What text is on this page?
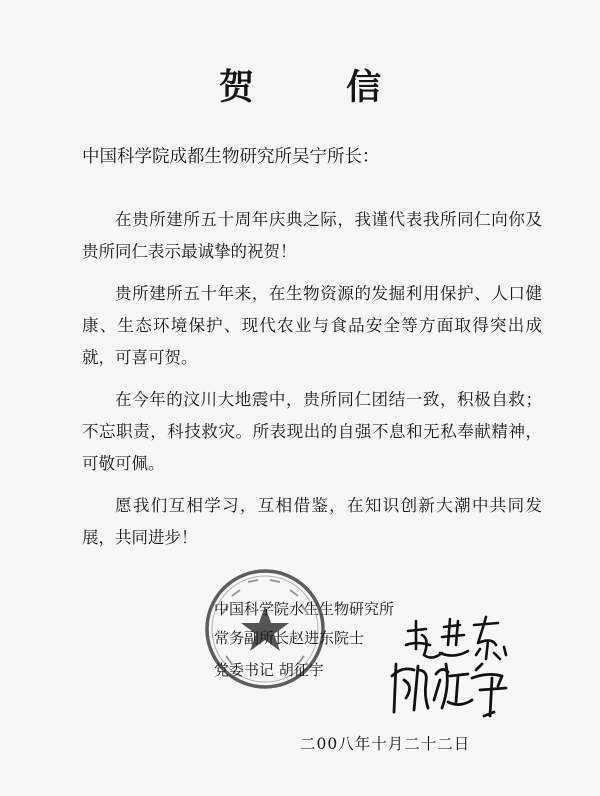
贺 信
中国科学院成都生物研究所吴宁所长：

在贵所建所五十周年庆典之际，我谨代表我所同仁向你及贵所同仁表示最诚挚的祝贺！

贵所建所五十年来，在生物资源的发掘利用保护、人口健康、生态环境保护、现代农业与食品安全等方面取得突出成就，可喜可贺。

在今年的汶川大地震中，贵所同仁团结一致，积极自救；不忘职责，科技救灾。所表现出的自强不息和无私奉献精神，可敬可佩。

愿我们互相学习，互相借鉴，在知识创新大潮中共同发展，共同进步！

中国科学院水生生物研究所
常务副所长赵进东院士
党委书记 胡征宇
二00八年十月二十二日
